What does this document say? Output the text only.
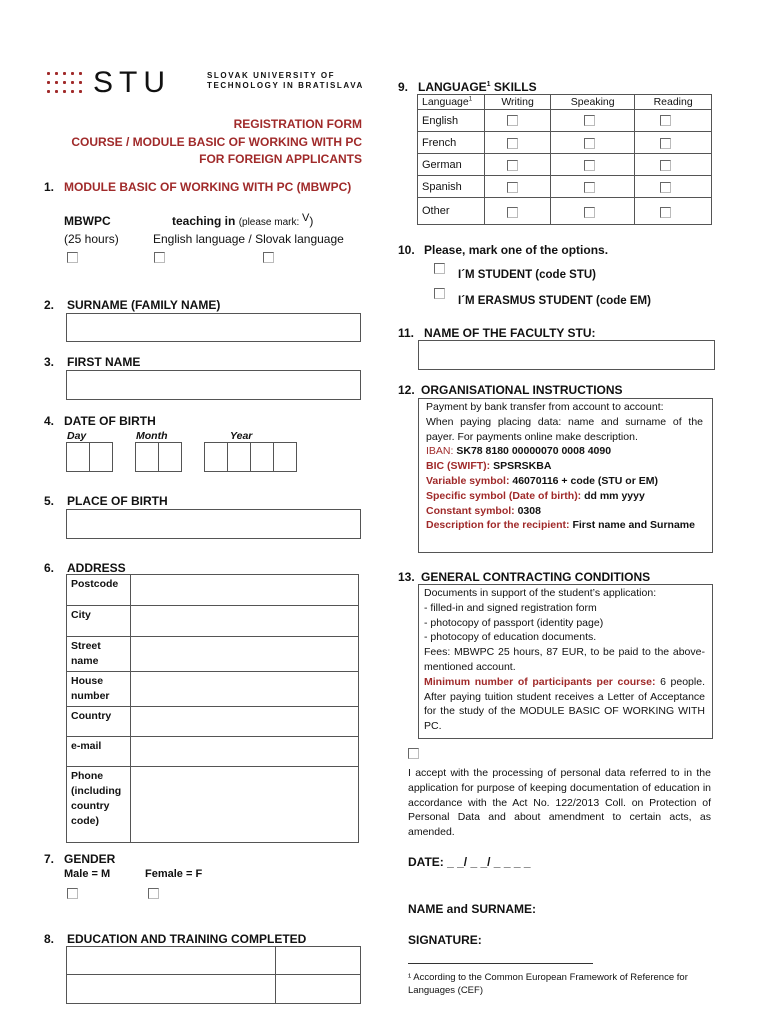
STU	SLOVAK UNIVERSITY OF
TECHNOLOGY IN BRATISLAVA
REGISTRATION FORM
COURSE / MODULE BASIC OF WORKING WITH PC
FOR FOREIGN APPLICANTS
1. MODULE BASIC OF WORKING WITH PC (MBWPC)
MBWPC	teaching in (please mark: V)
(25 hours)	English language / Slovak language
2. SURNAME (FAMILY NAME)
3. FIRST NAME
4. DATE OF BIRTH
Day	Month	Year
5. PLACE OF BIRTH
6. ADDRESS
Postcode	
City	
Street name	
House number	
Country	
e-mail	
Phone (including country code)	
7. GENDER
Male = M	Female = F
8. EDUCATION AND TRAINING COMPLETED
9. LANGUAGE$^1$ SKILLS
Language$^1$	Writing	Speaking	Reading
English			
French			
German			
Spanish			
Other			
10. Please, mark one of the options.
I´M STUDENT (code STU)
I´M ERASMUS STUDENT (code EM)
11. NAME OF THE FACULTY STU:
12. ORGANISATIONAL INSTRUCTIONS

Payment by bank transfer from account to account:

When paying placing data: name and surname of the payer. For payments online make description.

IBAN: SK78 8180 00000070 0008 4090

BIC (SWIFT): SPSRSKBA

Variable symbol: 46070116 + code (STU or EM)

Specific symbol (Date of birth): dd mm yyyy

Constant symbol: 0308

Description for the recipient: First name and Surname

13. GENERAL CONTRACTING CONDITIONS

Documents in support of the student’s application:

- filled-in and signed registration form

- photocopy of passport (identity page)

- photocopy of education documents.

Fees: MBWPC 25 hours, 87 EUR, to be paid to the above-mentioned account.

Minimum number of participants per course: 6 people. After paying tuition student receives a Letter of Acceptance for the study of the MODULE BASIC OF WORKING WITH PC.

I accept with the processing of personal data referred to in the application for purpose of keeping documentation of education in accordance with the Act No. 122/2013 Coll. on Protection of Personal Data and about amendment to certain acts, as amended.
DATE: _ _/ _ _/ _ _ _ _
NAME and SURNAME:
SIGNATURE:
¹ According to the Common European Framework of Reference for Languages (CEF)
